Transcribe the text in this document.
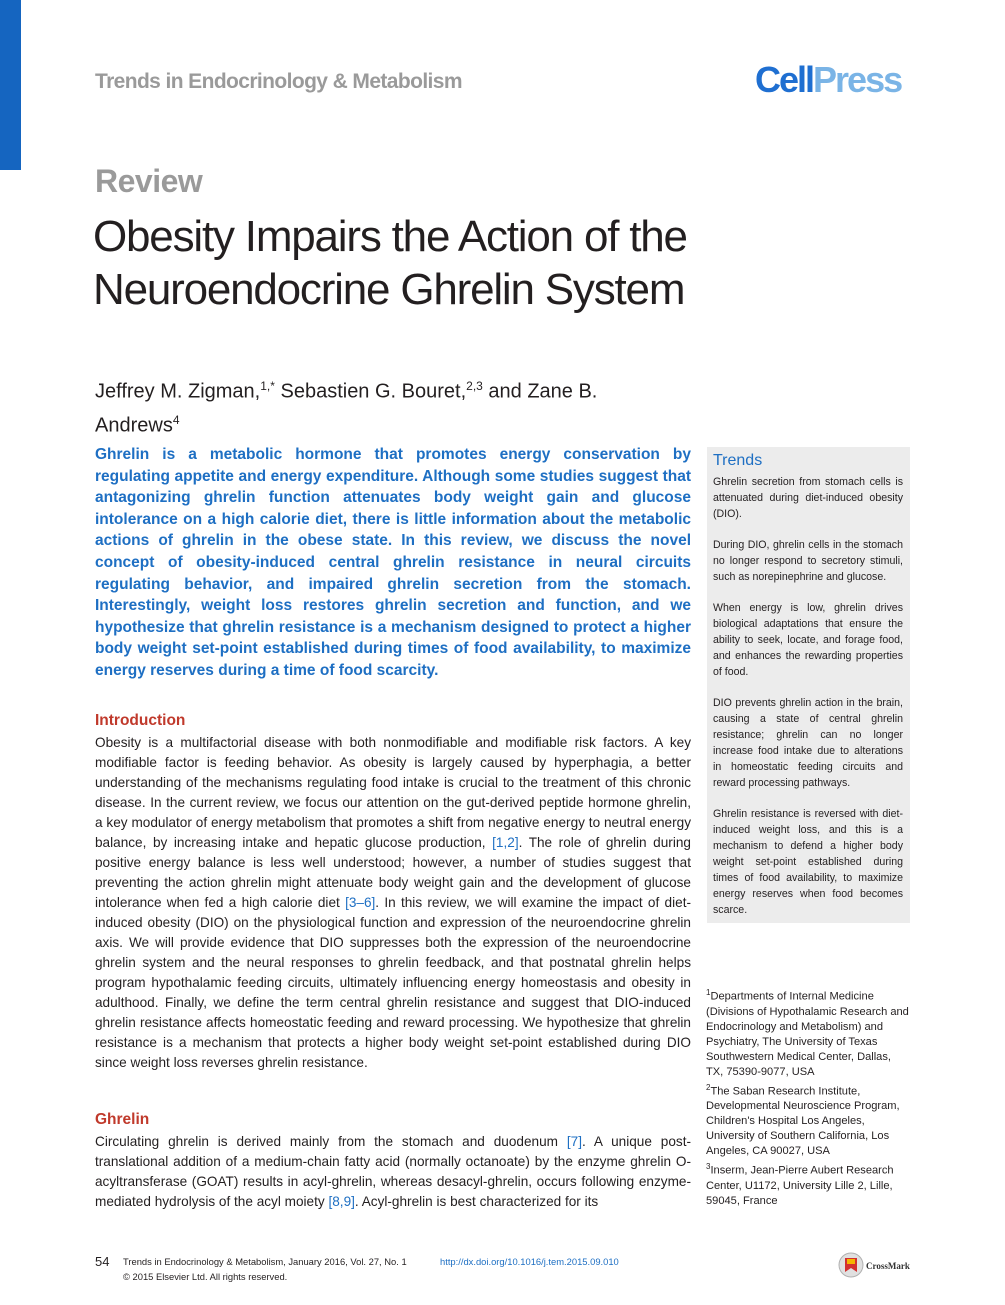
Trends in Endocrinology & Metabolism	CellPress
Review
Obesity Impairs the Action of the Neuroendocrine Ghrelin System
Jeffrey M. Zigman,$^{1,*}$ Sebastien G. Bouret,$^{2,3}$ and Zane B. Andrews$^4$

Ghrelin is a metabolic hormone that promotes energy conservation by regulating appetite and energy expenditure. Although some studies suggest that antagonizing ghrelin function attenuates body weight gain and glucose intolerance on a high calorie diet, there is little information about the metabolic actions of ghrelin in the obese state. In this review, we discuss the novel concept of obesity-induced central ghrelin resistance in neural circuits regulating behavior, and impaired ghrelin secretion from the stomach. Interestingly, weight loss restores ghrelin secretion and function, and we hypothesize that ghrelin resistance is a mechanism designed to protect a higher body weight set-point established during times of food availability, to maximize energy reserves during a time of food scarcity.

Introduction

Obesity is a multifactorial disease with both nonmodifiable and modifiable risk factors. A key modifiable factor is feeding behavior. As obesity is largely caused by hyperphagia, a better understanding of the mechanisms regulating food intake is crucial to the treatment of this chronic disease. In the current review, we focus our attention on the gut-derived peptide hormone ghrelin, a key modulator of energy metabolism that promotes a shift from negative energy to neutral energy balance, by increasing intake and hepatic glucose production, [1,2]. The role of ghrelin during positive energy balance is less well understood; however, a number of studies suggest that preventing the action ghrelin might attenuate body weight gain and the development of glucose intolerance when fed a high calorie diet [3–6]. In this review, we will examine the impact of diet-induced obesity (DIO) on the physiological function and expression of the neuroendocrine ghrelin axis. We will provide evidence that DIO suppresses both the expression of the neuroendocrine ghrelin system and the neural responses to ghrelin feedback, and that postnatal ghrelin helps program hypothalamic feeding circuits, ultimately influencing energy homeostasis and obesity in adulthood. Finally, we define the term central ghrelin resistance and suggest that DIO-induced ghrelin resistance affects homeostatic feeding and reward processing. We hypothesize that ghrelin resistance is a mechanism that protects a higher body weight set-point established during DIO since weight loss reverses ghrelin resistance.

Ghrelin

Circulating ghrelin is derived mainly from the stomach and duodenum [7]. A unique post-translational addition of a medium-chain fatty acid (normally octanoate) by the enzyme ghrelin O-acyltransferase (GOAT) results in acyl-ghrelin, whereas desacyl-ghrelin, occurs following enzyme-mediated hydrolysis of the acyl moiety [8,9]. Acyl-ghrelin is best characterized for its

Trends
Ghrelin secretion from stomach cells is attenuated during diet-induced obesity (DIO).
During DIO, ghrelin cells in the stomach no longer respond to secretory stimuli, such as norepinephrine and glucose.
When energy is low, ghrelin drives biological adaptations that ensure the ability to seek, locate, and forage food, and enhances the rewarding properties of food.
DIO prevents ghrelin action in the brain, causing a state of central ghrelin resistance; ghrelin can no longer increase food intake due to alterations in homeostatic feeding circuits and reward processing pathways.
Ghrelin resistance is reversed with diet-induced weight loss, and this is a mechanism to defend a higher body weight set-point established during times of food availability, to maximize energy reserves when food becomes scarce.
$^1$Departments of Internal Medicine (Divisions of Hypothalamic Research and Endocrinology and Metabolism) and Psychiatry, The University of Texas Southwestern Medical Center, Dallas, TX, 75390-9077, USA
$^2$The Saban Research Institute, Developmental Neuroscience Program, Children's Hospital Los Angeles, University of Southern California, Los Angeles, CA 90027, USA
$^3$Inserm, Jean-Pierre Aubert Research Center, U1172, University Lille 2, Lille, 59045, France
54 Trends in Endocrinology & Metabolism, January 2016, Vol. 27, No. 1	http://dx.doi.org/10.1016/j.tem.2015.09.010
© 2015 Elsevier Ltd. All rights reserved.
CrossMark
